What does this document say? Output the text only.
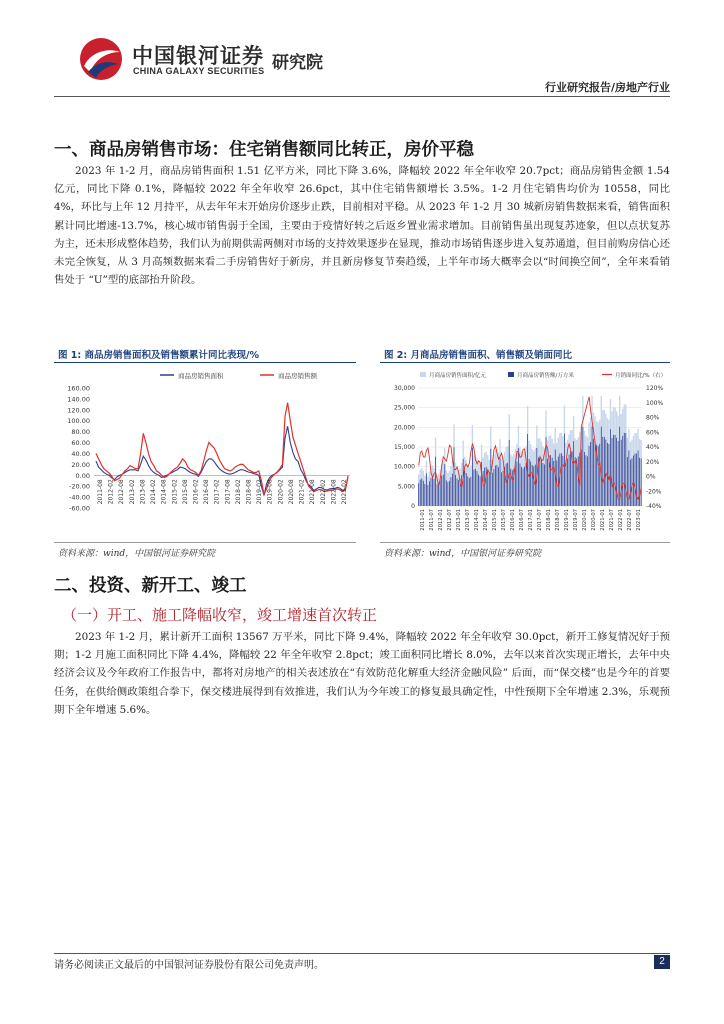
中国银河证券
CHINA GALAXY SECURITIES 研究院
行业研究报告/房地产行业
一、商品房销售市场：住宅销售额同比转正，房价平稳

2023 年 1-2 月，商品房销售面积 1.51 亿平方米，同比下降 3.6%，降幅较 2022 年全年收窄 20.7pct；商品房销售金额 1.54 亿元，同比下降 0.1%，降幅较 2022 年全年收窄 26.6pct，其中住宅销售额增长 3.5%。1-2 月住宅销售均价为 10558，同比 4%，环比与上年 12 月持平，从去年年末开始房价逐步止跌，目前相对平稳。从 2023 年 1-2 月 30 城新房销售数据来看，销售面积累计同比增速-13.7%，核心城市销售弱于全国，主要由于疫情好转之后返乡置业需求增加。目前销售虽出现复苏迹象，但以点状复苏为主，还未形成整体趋势，我们认为前期供需两侧对市场的支持效果逐步在显现，推动市场销售逐步进入复苏通道，但目前购房信心还未完全恢复，从 3 月高频数据来看二手房销售好于新房，并且新房修复节奏趋缓，上半年市场大概率会以“时间换空间”，全年来看销售处于 “U”型的底部抬升阶段。

图 1: 商品房销售面积及销售额累计同比表现/%	图 2: 月商品房销售面积、销售额及销面同比
商品房销售面积	商品房销售额
160.00
140.00
120.00
100.00
80.00
60.00
40.00
20.00
0.00
-20.00
-40.00
-60.00
2011-08 2012-02 2012-08 2013-02 2013-08 2014-02 2014-08 2015-02 2015-08 2016-02 2016-08 2017-02 2017-08 2018-02 2018-08 2019-02 2019-08 2020-02 2020-08 2021-02 2021-08 2022-02 2022-08 2023-02
月商品房销售面积/亿元	月商品房销售额/万方米	月销面同比/%（右）
30,000
25,000
20,000
15,000
10,000
5,000
0
120%
100%
80%
60%
40%
20%
0%
-20%
-40%
2011-01 2011-07 2012-01 2012-07 2013-01 2013-07 2014-01 2014-07 2015-01 2015-07 2016-01 2016-07 2017-01 2017-07 2018-01 2018-07 2019-01 2019-07 2020-01 2020-07 2021-01 2021-07 2022-01 2022-07 2023-01
资料来源：wind，中国银河证券研究院	资料来源：wind，中国银河证券研究院
二、投资、新开工、竣工
（一）开工、施工降幅收窄，竣工增速首次转正

2023 年 1-2 月，累计新开工面积 13567 万平米，同比下降 9.4%，降幅较 2022 年全年收窄 30.0pct，新开工修复情况好于预期；1-2 月施工面积同比下降 4.4%，降幅较 22 年全年收窄 2.8pct；竣工面积同比增长 8.0%，去年以来首次实现正增长，去年中央经济会议及今年政府工作报告中，都将对房地产的相关表述放在“有效防范化解重大经济金融风险” 后面，而“保交楼”也是今年的首要任务，在供给侧政策组合拳下，保交楼进展得到有效推进，我们认为今年竣工的修复最具确定性，中性预期下全年增速 2.3%，乐观预期下全年增速 5.6%。

请务必阅读正文最后的中国银河证券股份有限公司免责声明。	2
